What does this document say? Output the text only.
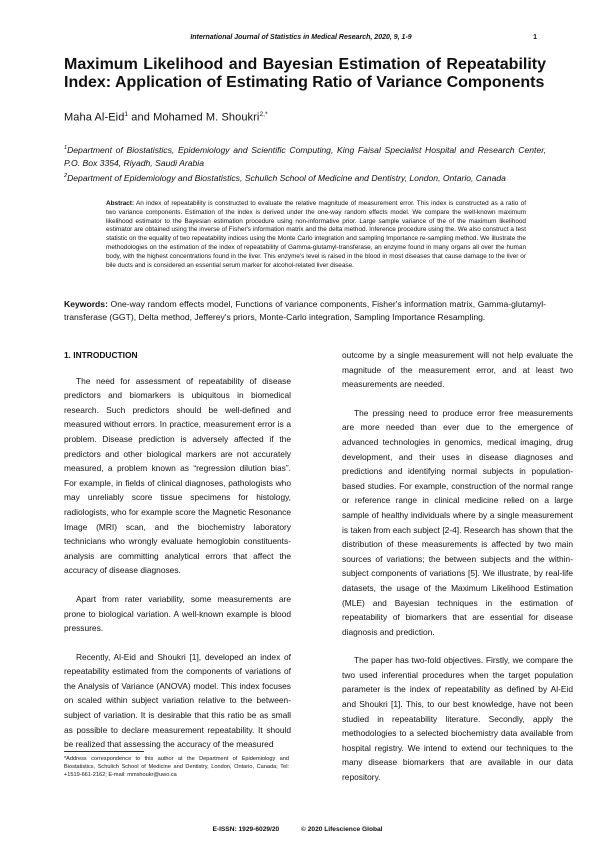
International Journal of Statistics in Medical Research, 2020, 9, 1-9	1
Maximum Likelihood and Bayesian Estimation of Repeatability Index: Application of Estimating Ratio of Variance Components
Maha Al-Eid$^1$ and Mohamed M. Shoukri$^{2,*}$
$^1$Department of Biostatistics, Epidemiology and Scientific Computing, King Faisal Specialist Hospital and Research Center, P.O. Box 3354, Riyadh, Saudi Arabia
$^2$Department of Epidemiology and Biostatistics, Schulich School of Medicine and Dentistry, London, Ontario, Canada
Abstract: An index of repeatability is constructed to evaluate the relative magnitude of measurement error. This index is constructed as a ratio of two variance components. Estimation of the index is derived under the one-way random effects model. We compare the well-known maximum likelihood estimator to the Bayesian estimation procedure using non-informative prior. Large sample variance of the of the maximum likelihood estimator are obtained using the inverse of Fisher's information matrix and the delta method. Inference procedure using the. We also construct a test statistic on the equality of two repeatability indices using the Monte Carlo integration and sampling Importance re-sampling method. We illustrate the methodologies on the estimation of the index of repeatability of Gamma-glutamyl-transferase, an enzyme found in many organs all over the human body, with the highest concentrations found in the liver. This enzyme's level is raised in the blood in most diseases that cause damage to the liver or bile ducts and is considered an essential serum marker for alcohol-related liver disease.
Keywords: One-way random effects model, Functions of variance components, Fisher's information matrix, Gamma-glutamyl-transferase (GGT), Delta method, Jefferey's priors, Monte-Carlo integration, Sampling Importance Resampling.
1. INTRODUCTION

The need for assessment of repeatability of disease predictors and biomarkers is ubiquitous in biomedical research. Such predictors should be well-defined and measured without errors. In practice, measurement error is a problem. Disease prediction is adversely affected if the predictors and other biological markers are not accurately measured, a problem known as “regression dilution bias”. For example, in fields of clinical diagnoses, pathologists who may unreliably score tissue specimens for histology, radiologists, who for example score the Magnetic Resonance Image (MRI) scan, and the biochemistry laboratory technicians who wrongly evaluate hemoglobin constituents-analysis are committing analytical errors that affect the accuracy of disease diagnoses.

Apart from rater variability, some measurements are prone to biological variation. A well-known example is blood pressures.

Recently, Al-Eid and Shoukri [1], developed an index of repeatability estimated from the components of variations of the Analysis of Variance (ANOVA) model. This index focuses on scaled within subject variation relative to the between-subject of variation. It is desirable that this ratio be as small as possible to declare measurement repeatability. It should be realized that assessing the accuracy of the measured

outcome by a single measurement will not help evaluate the magnitude of the measurement error, and at least two measurements are needed.

The pressing need to produce error free measurements are more needed than ever due to the emergence of advanced technologies in genomics, medical imaging, drug development, and their uses in disease diagnoses and predictions and identifying normal subjects in population-based studies. For example, construction of the normal range or reference range in clinical medicine relied on a large sample of healthy individuals where by a single measurement is taken from each subject [2-4]. Research has shown that the distribution of these measurements is affected by two main sources of variations; the between subjects and the within-subject components of variations [5]. We illustrate, by real-life datasets, the usage of the Maximum Likelihood Estimation (MLE) and Bayesian techniques in the estimation of repeatability of biomarkers that are essential for disease diagnosis and prediction.

The paper has two-fold objectives. Firstly, we compare the two used inferential procedures when the target population parameter is the index of repeatability as defined by Al-Eid and Shoukri [1]. This, to our best knowledge, have not been studied in repeatability literature. Secondly, apply the methodologies to a selected biochemistry data available from hospital registry. We intend to extend our techniques to the many disease biomarkers that are available in our data repository.

*Address correspondence to this author at the Department of Epidemiology and Biostatistics, Schulich School of Medicine and Dentistry, London, Ontario, Canada; Tel: +1519-661-2162; E-mail: mmshoukr@uwo.ca
E-ISSN: 1929-6029/20	© 2020 Lifescience Global
